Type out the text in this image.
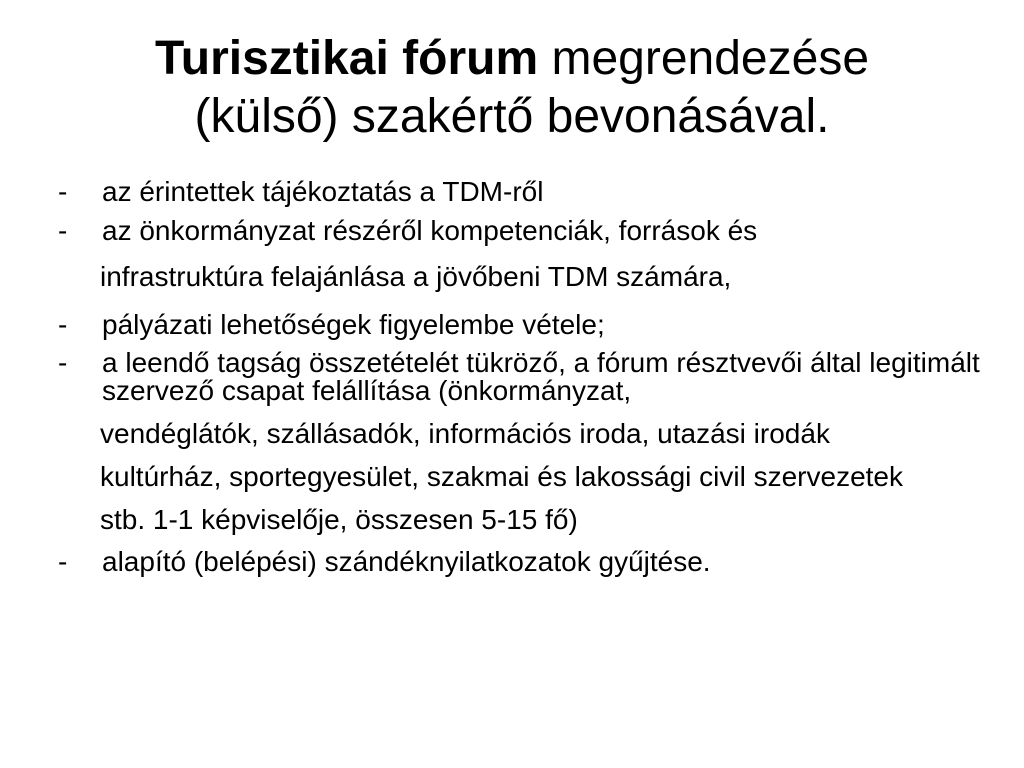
Turisztikai fórum megrendezése
(külső) szakértő bevonásával.
- az érintettek tájékoztatás a TDM-ről
- az önkormányzat részéről kompetenciák, források és
infrastruktúra felajánlása a jövőbeni TDM számára,
- pályázati lehetőségek figyelembe vétele;
- a leendő tagság összetételét tükröző, a fórum résztvevői által legitimált szervező csapat felállítása (önkormányzat,
vendéglátók, szállásadók, információs iroda, utazási irodák
kultúrház, sportegyesület, szakmai és lakossági civil szervezetek
stb. 1-1 képviselője, összesen 5-15 fő)
- alapító (belépési) szándéknyilatkozatok gyűjtése.
